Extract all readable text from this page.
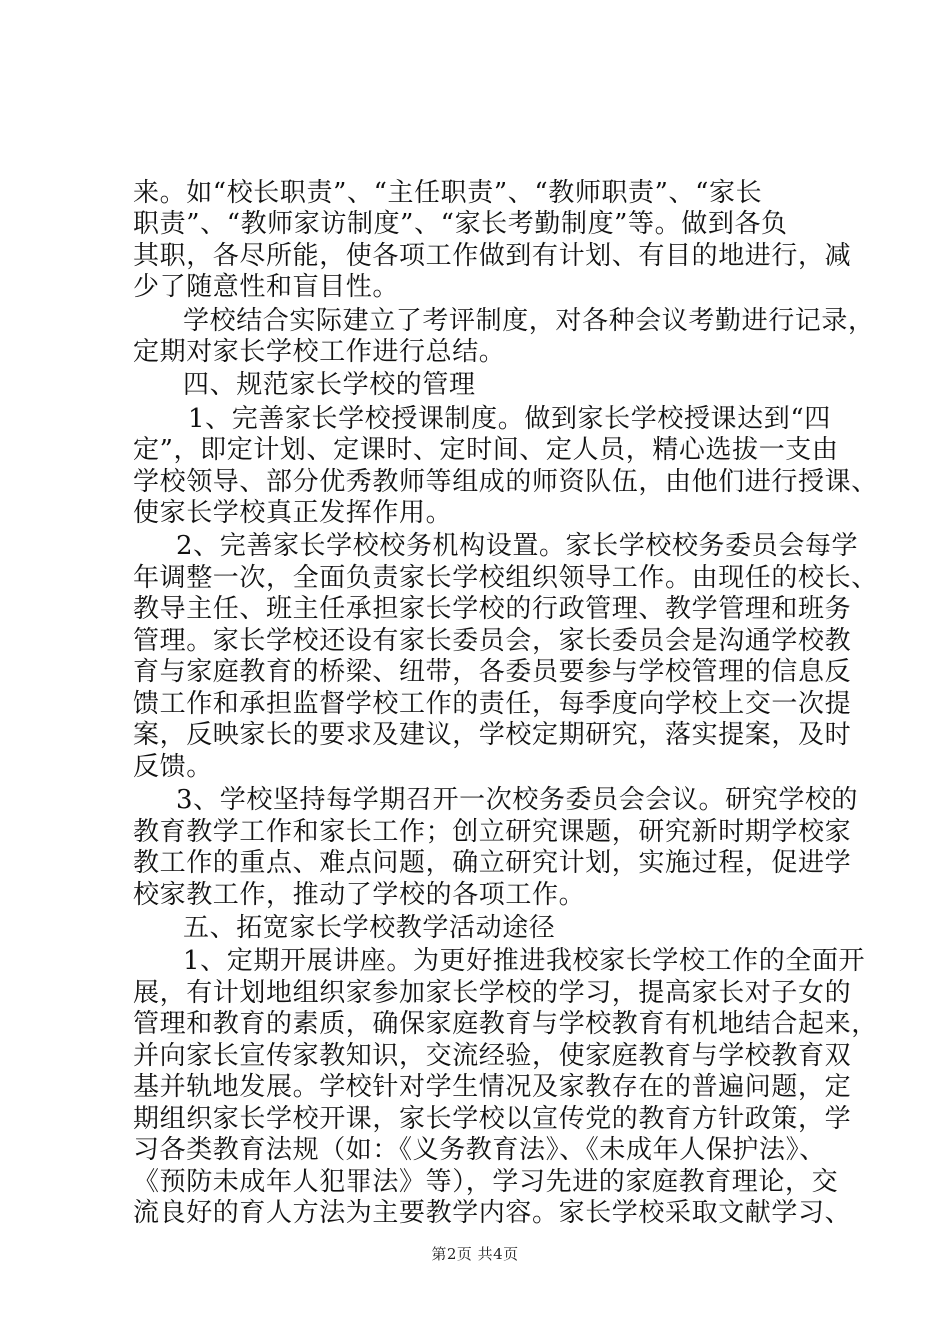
来。如“校长职责”、“主任职责”、“教师职责”、“家长
职责”、“教师家访制度”、“家长考勤制度”等。做到各负
其职，各尽所能，使各项工作做到有计划、有目的地进行，减
少了随意性和盲目性。
学校结合实际建立了考评制度，对各种会议考勤进行记录，
定期对家长学校工作进行总结。
四、规范家长学校的管理
1、完善家长学校授课制度。做到家长学校授课达到“四
定”，即定计划、定课时、定时间、定人员，精心选拔一支由
学校领导、部分优秀教师等组成的师资队伍，由他们进行授课、
使家长学校真正发挥作用。
2、完善家长学校校务机构设置。家长学校校务委员会每学
年调整一次，全面负责家长学校组织领导工作。由现任的校长、
教导主任、班主任承担家长学校的行政管理、教学管理和班务
管理。家长学校还设有家长委员会，家长委员会是沟通学校教
育与家庭教育的桥梁、纽带，各委员要参与学校管理的信息反
馈工作和承担监督学校工作的责任，每季度向学校上交一次提
案，反映家长的要求及建议，学校定期研究，落实提案，及时
反馈。
3、学校坚持每学期召开一次校务委员会会议。研究学校的
教育教学工作和家长工作；创立研究课题，研究新时期学校家
教工作的重点、难点问题，确立研究计划，实施过程，促进学
校家教工作，推动了学校的各项工作。
五、拓宽家长学校教学活动途径
1、定期开展讲座。为更好推进我校家长学校工作的全面开
展，有计划地组织家参加家长学校的学习，提高家长对子女的
管理和教育的素质，确保家庭教育与学校教育有机地结合起来，
并向家长宣传家教知识，交流经验，使家庭教育与学校教育双
基并轨地发展。学校针对学生情况及家教存在的普遍问题，定
期组织家长学校开课，家长学校以宣传党的教育方针政策，学
习各类教育法规（如：《义务教育法》、《未成年人保护法》、
《预防未成年人犯罪法》等），学习先进的家庭教育理论，交
流良好的育人方法为主要教学内容。家长学校采取文献学习、
第2页 共4页
